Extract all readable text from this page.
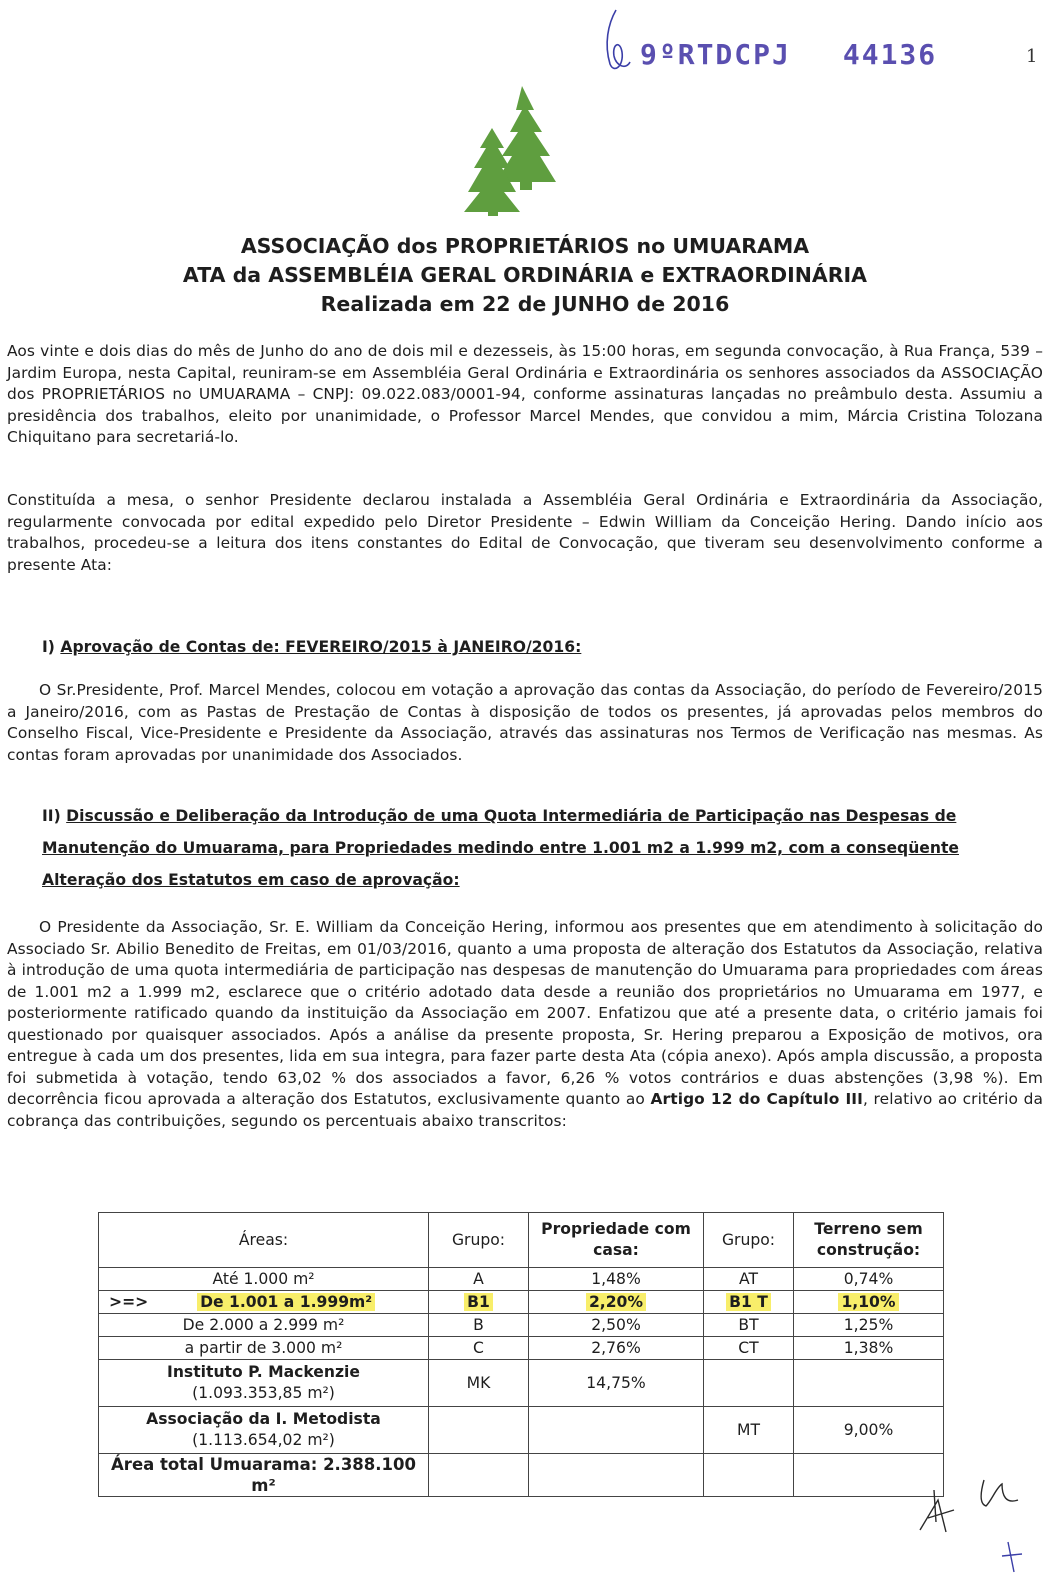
9ºRTDCPJ 44136	1
ASSOCIAÇÃO dos PROPRIETÁRIOS no UMUARAMA
ATA da ASSEMBLÉIA GERAL ORDINÁRIA e EXTRAORDINÁRIA
Realizada em 22 de JUNHO de 2016
Aos vinte e dois dias do mês de Junho do ano de dois mil e dezesseis, às 15:00 horas, em segunda convocação, à Rua França, 539 – Jardim Europa, nesta Capital, reuniram-se em Assembléia Geral Ordinária e Extraordinária os senhores associados da ASSOCIAÇÃO dos PROPRIETÁRIOS no UMUARAMA – CNPJ: 09.022.083/0001-94, conforme assinaturas lançadas no preâmbulo desta. Assumiu a presidência dos trabalhos, eleito por unanimidade, o Professor Marcel Mendes, que convidou a mim, Márcia Cristina Tolozana Chiquitano para secretariá-lo.
Constituída a mesa, o senhor Presidente declarou instalada a Assembléia Geral Ordinária e Extraordinária da Associação, regularmente convocada por edital expedido pelo Diretor Presidente – Edwin William da Conceição Hering. Dando início aos trabalhos, procedeu-se a leitura dos itens constantes do Edital de Convocação, que tiveram seu desenvolvimento conforme a presente Ata:
I) Aprovação de Contas de: FEVEREIRO/2015 à JANEIRO/2016:
O Sr.Presidente, Prof. Marcel Mendes, colocou em votação a aprovação das contas da Associação, do período de Fevereiro/2015 a Janeiro/2016, com as Pastas de Prestação de Contas à disposição de todos os presentes, já aprovadas pelos membros do Conselho Fiscal, Vice-Presidente e Presidente da Associação, através das assinaturas nos Termos de Verificação nas mesmas. As contas foram aprovadas por unanimidade dos Associados.
II) Discussão e Deliberação da Introdução de uma Quota Intermediária de Participação nas Despesas de
Manutenção do Umuarama, para Propriedades medindo entre 1.001 m2 a 1.999 m2, com a conseqüente
Alteração dos Estatutos em caso de aprovação:
O Presidente da Associação, Sr. E. William da Conceição Hering, informou aos presentes que em atendimento à solicitação do Associado Sr. Abilio Benedito de Freitas, em 01/03/2016, quanto a uma proposta de alteração dos Estatutos da Associação, relativa à introdução de uma quota intermediária de participação nas despesas de manutenção do Umuarama para propriedades com áreas de 1.001 m2 a 1.999 m2, esclarece que o critério adotado data desde a reunião dos proprietários no Umuarama em 1977, e posteriormente ratificado quando da instituição da Associação em 2007. Enfatizou que até a presente data, o critério jamais foi questionado por quaisquer associados. Após a análise da presente proposta, Sr. Hering preparou a Exposição de motivos, ora entregue à cada um dos presentes, lida em sua integra, para fazer parte desta Ata (cópia anexo). Após ampla discussão, a proposta foi submetida à votação, tendo 63,02 % dos associados a favor, 6,26 % votos contrários e duas abstenções (3,98 %). Em decorrência ficou aprovada a alteração dos Estatutos, exclusivamente quanto ao Artigo 12 do Capítulo III, relativo ao critério da cobrança das contribuições, segundo os percentuais abaixo transcritos:
Áreas:	Grupo:	Propriedade com casa:	Grupo:	Terreno sem construção:
Até 1.000 m²	A	1,48%	AT	0,74%

>=> De 1.001 a 1.999m²	B1	2,20%	B1 T	1,10%
De 2.000 a 2.999 m²	B	2,50%	BT	1,25%
a partir de 3.000 m²	C	2,76%	CT	1,38%

Instituto P. Mackenzie
(1.093.353,85 m²)	MK	14,75%		

Associação da I. Metodista
(1.113.654,02 m²)			MT	9,00%
Área total Umuarama: 2.388.100 m²				
